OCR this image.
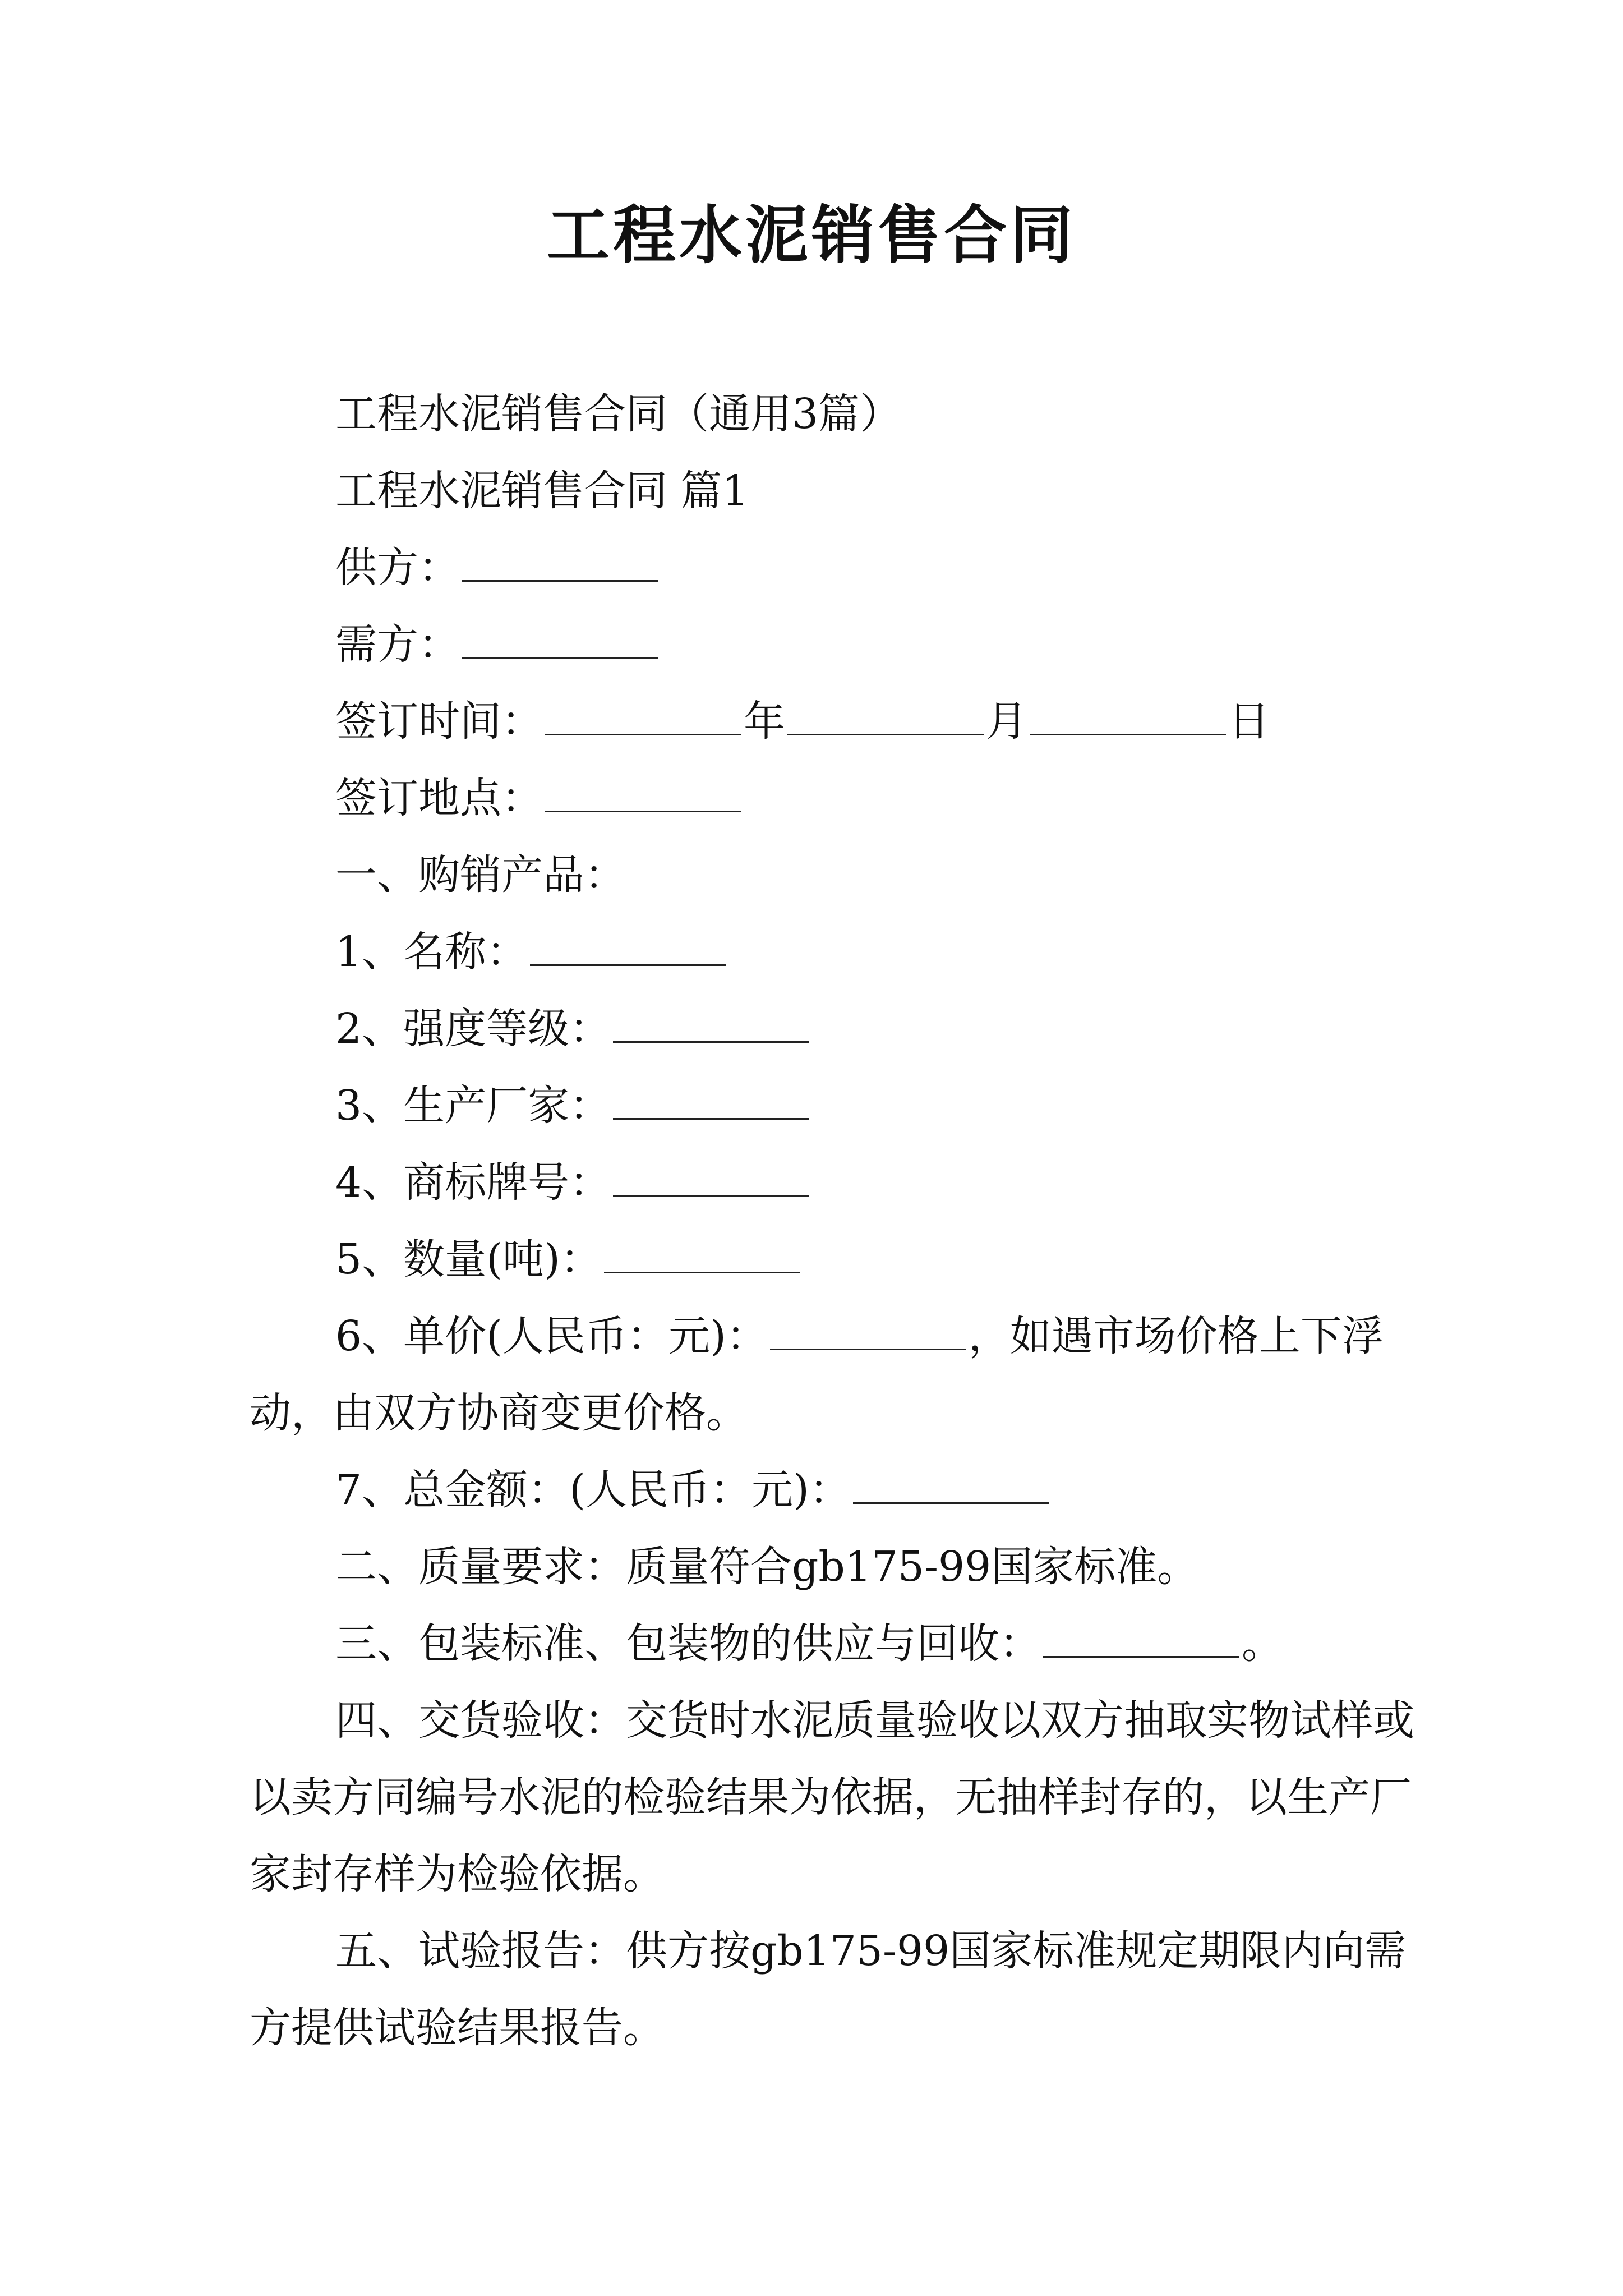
工程水泥销售合同

工程水泥销售合同（通用3篇）

工程水泥销售合同 篇1

供方：

需方：

签订时间：	年	月	日

签订地点：

一、购销产品：

1、名称：

2、强度等级：

3、生产厂家：

4、商标牌号：

5、数量(吨)：

6、单价(人民币：元)：	，如遇市场价格上下浮动，由双方协商变更价格。

7、总金额：(人民币：元)：

二、质量要求：质量符合gb175-99国家标准。

三、包装标准、包装物的供应与回收：	。

四、交货验收：交货时水泥质量验收以双方抽取实物试样或以卖方同编号水泥的检验结果为依据，无抽样封存的，以生产厂家封存样为检验依据。

五、试验报告：供方按gb175-99国家标准规定期限内向需方提供试验结果报告。
